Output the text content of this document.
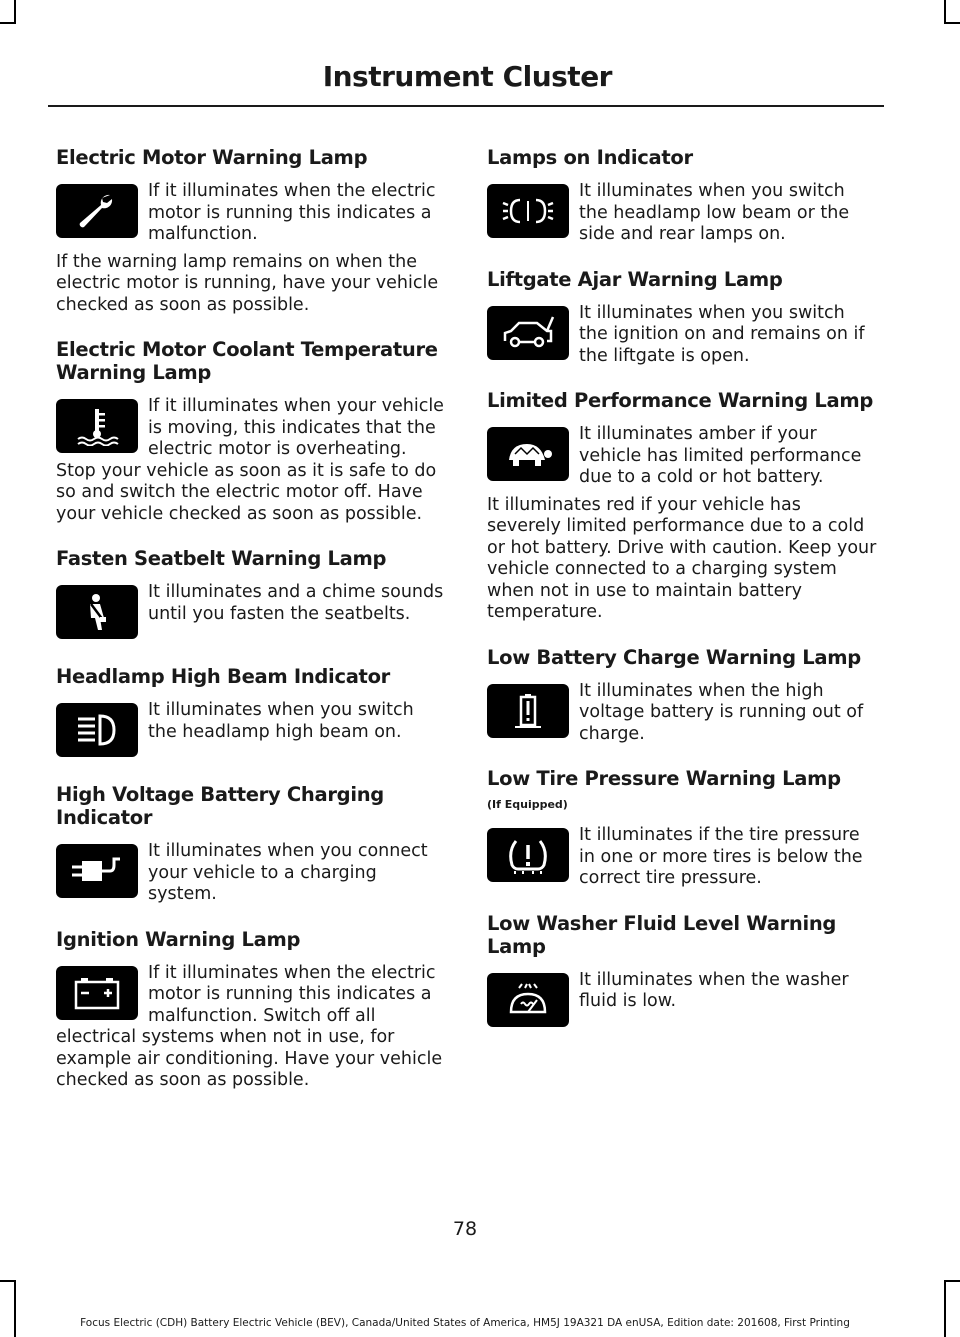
Instrument Cluster
Electric Motor Warning Lamp

If it illuminates when the electric motor is running this indicates a malfunction.

If the warning lamp remains on when the electric motor is running, have your vehicle checked as soon as possible.

Electric Motor Coolant Temperature Warning Lamp

If it illuminates when your vehicle is moving, this indicates that the electric motor is overheating. Stop your vehicle as soon as it is safe to do so and switch the electric motor off. Have your vehicle checked as soon as possible.

Fasten Seatbelt Warning Lamp

It illuminates and a chime sounds until you fasten the seatbelts.

Headlamp High Beam Indicator

It illuminates when you switch the headlamp high beam on.

High Voltage Battery Charging Indicator

It illuminates when you connect your vehicle to a charging system.

Ignition Warning Lamp

If it illuminates when the electric motor is running this indicates a malfunction. Switch off all electrical systems when not in use, for example air conditioning. Have your vehicle checked as soon as possible.

Lamps on Indicator

It illuminates when you switch the headlamp low beam or the side and rear lamps on.

Liftgate Ajar Warning Lamp

It illuminates when you switch the ignition on and remains on if the liftgate is open.

Limited Performance Warning Lamp

It illuminates amber if your vehicle has limited performance due to a cold or hot battery.

It illuminates red if your vehicle has severely limited performance due to a cold or hot battery. Drive with caution. Keep your vehicle connected to a charging system when not in use to maintain battery temperature.

Low Battery Charge Warning Lamp

It illuminates when the high voltage battery is running out of charge.

Low Tire Pressure Warning Lamp
(If Equipped)

It illuminates if the tire pressure in one or more tires is below the correct tire pressure.

Low Washer Fluid Level Warning Lamp

It illuminates when the washer fluid is low.

78
Focus Electric (CDH) Battery Electric Vehicle (BEV), Canada/United States of America, HM5J 19A321 DA enUSA, Edition date: 201608, First Printing
